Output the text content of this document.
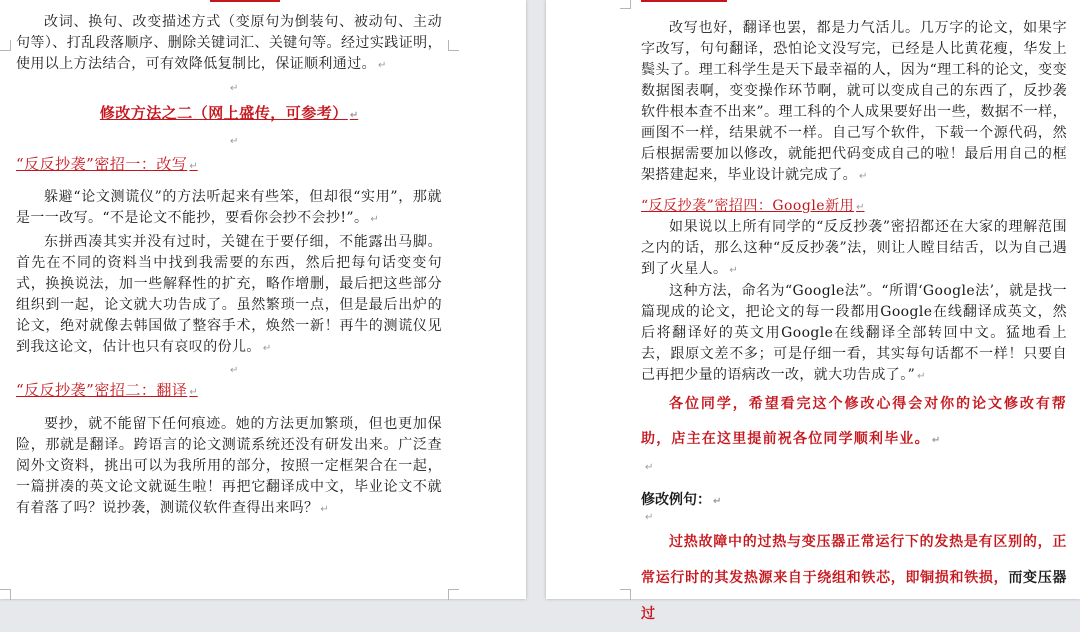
改词、换句、改变描述方式（变原句为倒装句、被动句、主动句等）、打乱段落顺序、删除关键词汇、关键句等。经过实践证明，使用以上方法结合，可有效降低复制比，保证顺利通过。 ↵

↵
修改方法之二（网上盛传，可参考） ↵
↵
“反反抄袭”密招一：改写 ↵

躲避“论文测谎仪”的方法听起来有些笨，但却很“实用”，那就是一一改写。“不是论文不能抄，要看你会抄不会抄!”。 ↵

东拼西凑其实并没有过时，关键在于要仔细，不能露出马脚。首先在不同的资料当中找到我需要的东西，然后把每句话变变句式，换换说法，加一些解释性的扩充，略作增删，最后把这些部分组织到一起，论文就大功告成了。虽然繁琐一点，但是最后出炉的论文，绝对就像去韩国做了整容手术，焕然一新！再牛的测谎仪见到我这论文，估计也只有哀叹的份儿。 ↵

↵
“反反抄袭”密招二：翻译 ↵

要抄，就不能留下任何痕迹。她的方法更加繁琐，但也更加保险，那就是翻译。跨语言的论文测谎系统还没有研发出来。广泛查阅外文资料，挑出可以为我所用的部分，按照一定框架合在一起，一篇拼凑的英文论文就诞生啦！再把它翻译成中文，毕业论文不就有着落了吗？说抄袭，测谎仪软件查得出来吗？ ↵

改写也好，翻译也罢，都是力气活儿。几万字的论文，如果字字改写，句句翻译，恐怕论文没写完，已经是人比黄花瘦，华发上鬓头了。理工科学生是天下最幸福的人，因为“理工科的论文，变变数据图表啊，变变操作环节啊，就可以变成自己的东西了，反抄袭软件根本查不出来”。理工科的个人成果要好出一些，数据不一样，画图不一样，结果就不一样。自己写个软件，下载一个源代码，然后根据需要加以修改，就能把代码变成自己的啦！最后用自己的框架搭建起来，毕业设计就完成了。 ↵

“反反抄袭”密招四：Google新用 ↵

如果说以上所有同学的“反反抄袭”密招都还在大家的理解范围之内的话，那么这种“反反抄袭”法，则让人瞠目结舌，以为自己遇到了火星人。 ↵

这种方法，命名为“Google法”。“所谓‘Google法’，就是找一篇现成的论文，把论文的每一段都用Google在线翻译成英文，然后将翻译好的英文用Google在线翻译全部转回中文。猛地看上去，跟原文差不多；可是仔细一看，其实每句话都不一样！只要自己再把少量的语病改一改，就大功告成了。” ↵

各位同学，希望看完这个修改心得会对你的论文修改有帮助，店主在这里提前祝各位同学顺利毕业。 ↵

↵
修改例句： ↵
↵

过热故障中的过热与变压器正常运行下的发热是有区别的，正常运行时的其发热源来自于绕组和铁芯，即铜损和铁损，而变压器过
